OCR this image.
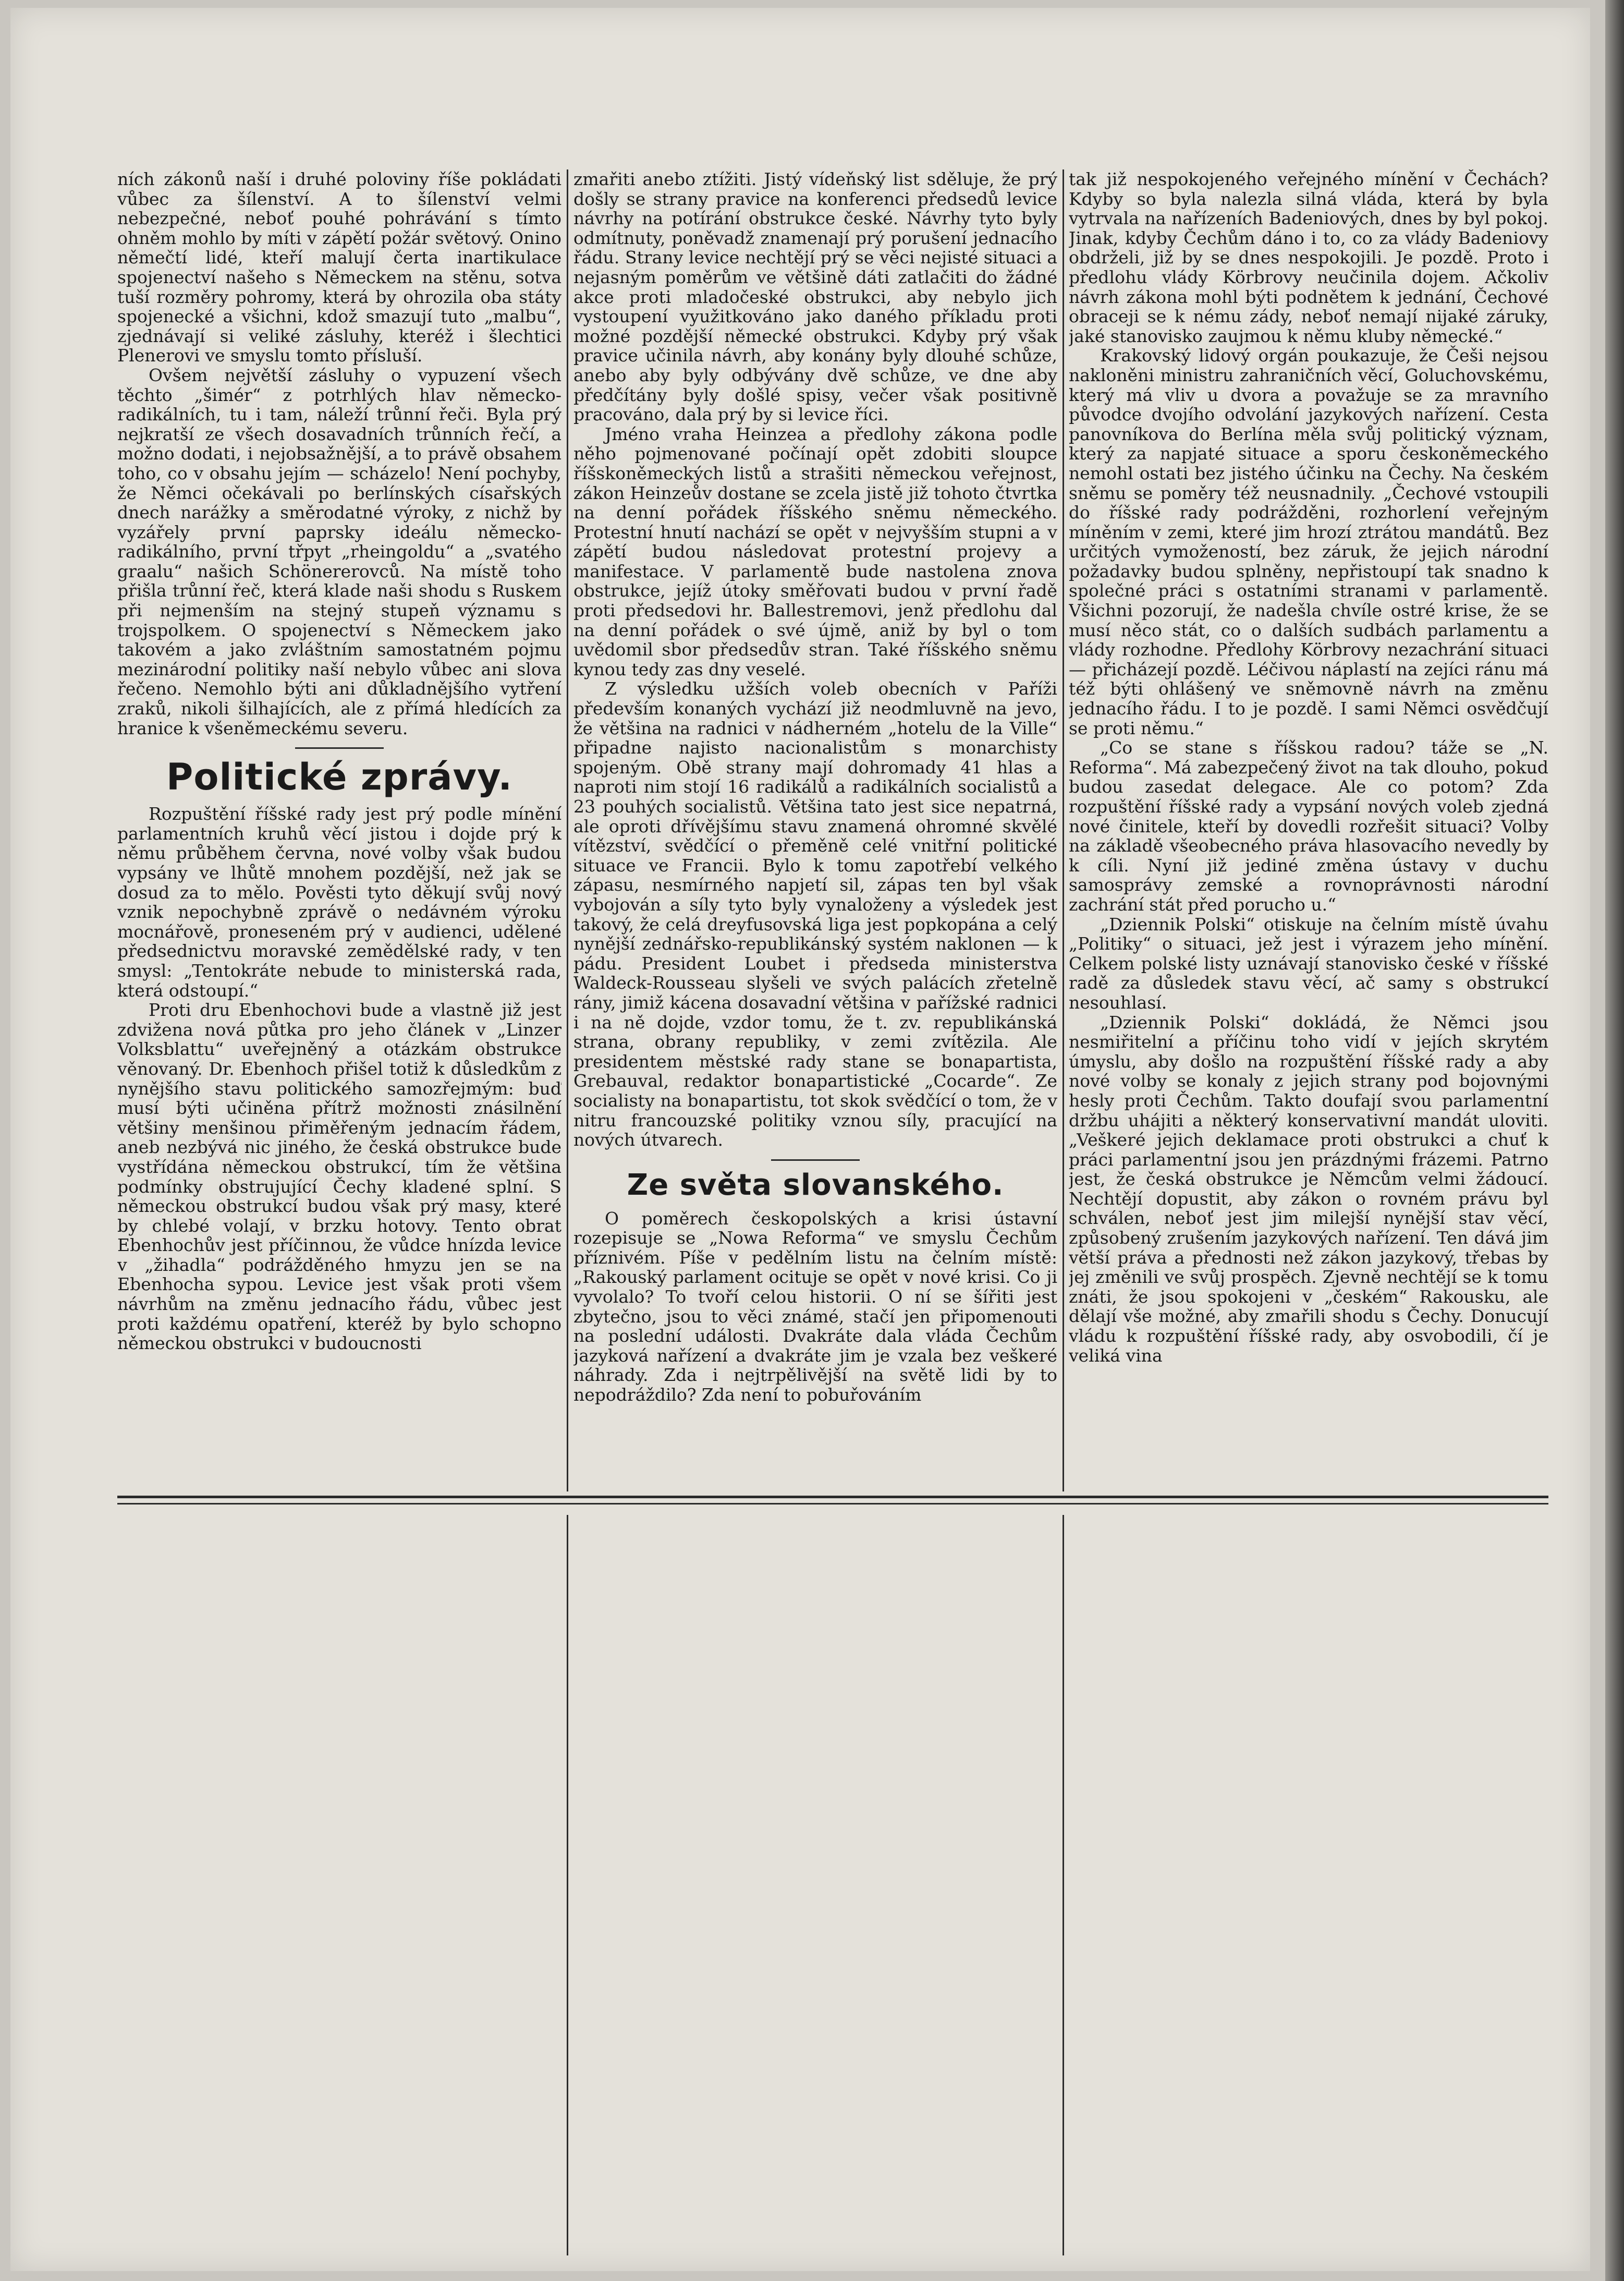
ních zákonů naší i druhé poloviny říše pokládati vůbec za šílenství. A to šílenství velmi nebezpečné, neboť pouhé pohrávání s tímto ohněm mohlo by míti v zápětí požár světový. Onino němečtí lidé, kteří malují čerta inartikulace spojenectví našeho s Německem na stěnu, sotva tuší rozměry pohromy, která by ohrozila oba státy spojenecké a všichni, kdož smazují tuto „malbu“, zjednávají si veliké zásluhy, kteréž i šlechtici Plenerovi ve smyslu tomto přísluší.

Ovšem největší zásluhy o vypuzení všech těchto „šimér“ z potrhlých hlav německo-radikálních, tu i tam, náleží trůnní řeči. Byla prý nejkratší ze všech dosavadních trůnních řečí, a možno dodati, i nejobsažnější, a to právě obsahem toho, co v obsahu jejím — scházelo! Není pochyby, že Němci očekávali po berlínských císařských dnech narážky a směrodatné výroky, z nichž by vyzářely první paprsky ideálu německo-radikálního, první třpyt „rheingoldu“ a „svatého graalu“ našich Schönererovců. Na místě toho přišla trůnní řeč, která klade naši shodu s Ruskem při nejmenším na stejný stupeň významu s trojspolkem. O spojenectví s Německem jako takovém a jako zvláštním samostatném pojmu mezinárodní politiky naší nebylo vůbec ani slova řečeno. Nemohlo býti ani důkladnějšího vytření zraků, nikoli šilhajících, ale z přímá hledících za hranice k všeněmeckému severu.

Politické zprávy.

Rozpuštění říšské rady jest prý podle mínění parlamentních kruhů věcí jistou i dojde prý k němu průběhem června, nové volby však budou vypsány ve lhůtě mnohem pozdější, než jak se dosud za to mělo. Pověsti tyto děkují svůj nový vznik nepochybně zprávě o nedávném výroku mocnářově, proneseném prý v audienci, udělené předsednictvu moravské zemědělské rady, v ten smysl: „Tentokráte nebude to ministerská rada, která odstoupí.“

Proti dru Ebenhochovi bude a vlastně již jest zdvižena nová půtka pro jeho článek v „Linzer Volksblattu“ uveřejněný a otázkám obstrukce věnovaný. Dr. Ebenhoch přišel totiž k důsledkům z nynějšího stavu politického samozřejmým: buď musí býti učiněna přítrž možnosti znásilnění většiny menšinou přiměřeným jednacím řádem, aneb nezbývá nic jiného, že česká obstrukce bude vystřídána německou obstrukcí, tím že většina podmínky obstrujující Čechy kladené splní. S německou obstrukcí budou však prý masy, které by chlebé volají, v brzku hotovy. Tento obrat Ebenhochův jest příčinnou, že vůdce hnízda levice v „žihadla“ podrážděného hmyzu jen se na Ebenhocha sypou. Levice jest však proti všem návrhům na změnu jednacího řádu, vůbec jest proti každému opatření, kteréž by bylo schopno německou obstrukci v budoucnosti

zmařiti anebo ztížiti. Jistý vídeňský list sděluje, že prý došly se strany pravice na konferenci předsedů levice návrhy na potírání obstrukce české. Návrhy tyto byly odmítnuty, poněvadž znamenají prý porušení jednacího řádu. Strany levice nechtějí prý se věci nejisté situaci a nejasným poměrům ve většině dáti zatlačiti do žádné akce proti mladočeské obstrukci, aby nebylo jich vystoupení využitkováno jako daného příkladu proti možné pozdější německé obstrukci. Kdyby prý však pravice učinila návrh, aby konány byly dlouhé schůze, anebo aby byly odbývány dvě schůze, ve dne aby předčítány byly došlé spisy, večer však positivně pracováno, dala prý by si levice říci.

Jméno vraha Heinzea a předlohy zákona podle něho pojmenované počínají opět zdobiti sloupce říšskoněmeckých listů a strašiti německou veřejnost, zákon Heinzeův dostane se zcela jistě již tohoto čtvrtka na denní pořádek říšského sněmu německého. Protestní hnutí nachází se opět v nejvyšším stupni a v zápětí budou následovat protestní projevy a manifestace. V parlamentě bude nastolena znova obstrukce, jejíž útoky směřovati budou v první řadě proti předsedovi hr. Ballestremovi, jenž předlohu dal na denní pořádek o své újmě, aniž by byl o tom uvědomil sbor předsedův stran. Také říšského sněmu kynou tedy zas dny veselé.

Z výsledku užších voleb obecních v Paříži především konaných vychází již neodmluvně na jevo, že většina na radnici v nádherném „hotelu de la Ville“ připadne najisto nacionalistům s monarchisty spojeným. Obě strany mají dohromady 41 hlas a naproti nim stojí 16 radikálů a radikálních socialistů a 23 pouhých socialistů. Většina tato jest sice nepatrná, ale oproti dřívějšímu stavu znamená ohromné skvělé vítězství, svědčící o přeměně celé vnitřní politické situace ve Francii. Bylo k tomu zapotřebí velkého zápasu, nesmírného napjetí sil, zápas ten byl však vybojován a síly tyto byly vynaloženy a výsledek jest takový, že celá dreyfusovská liga jest popkopána a celý nynější zednářsko-republikánský systém naklonen — k pádu. President Loubet i předseda ministerstva Waldeck-Rousseau slyšeli ve svých palácích zřetelně rány, jimiž kácena dosavadní většina v pařížské radnici i na ně dojde, vzdor tomu, že t. zv. republikánská strana, obrany republiky, v zemi zvítězila. Ale presidentem městské rady stane se bonapartista, Grebauval, redaktor bonapartistické „Cocarde“. Ze socialisty na bonapartistu, tot skok svědčící o tom, že v nitru francouzské politiky vznou síly, pracující na nových útvarech.

Ze světa slovanského.

O poměrech českopolských a krisi ústavní rozepisuje se „Nowa Reforma“ ve smyslu Čechům příznivém. Píše v pedělním listu na čelním místě: „Rakouský parlament ocituje se opět v nové krisi. Co ji vyvolalo? To tvoří celou historii. O ní se šířiti jest zbytečno, jsou to věci známé, stačí jen připomenouti na poslední události. Dvakráte dala vláda Čechům jazyková nařízení a dvakráte jim je vzala bez veškeré náhrady. Zda i nejtrpělivější na světě lidi by to nepodráždilo? Zda není to pobuřováním

tak již nespokojeného veřejného mínění v Čechách? Kdyby so byla nalezla silná vláda, která by byla vytrvala na nařízeních Badeniových, dnes by byl pokoj. Jinak, kdyby Čechům dáno i to, co za vlády Badeniovy obdrželi, již by se dnes nespokojili. Je pozdě. Proto i předlohu vlády Körbrovy neučinila dojem. Ačkoliv návrh zákona mohl býti podnětem k jednání, Čechové obraceji se k nému zády, neboť nemají nijaké záruky, jaké stanovisko zaujmou k němu kluby německé.“

Krakovský lidový orgán poukazuje, že Češi nejsou nakloněni ministru zahraničních věcí, Goluchovskému, který má vliv u dvora a považuje se za mravního původce dvojího odvolání jazykových nařízení. Cesta panovníkova do Berlína měla svůj politický význam, který za napjaté situace a sporu českoněmeckého nemohl ostati bez jistého účinku na Čechy. Na českém sněmu se poměry též neusnadnily. „Čechové vstoupili do říšské rady podrážděni, rozhorlení veřejným míněním v zemi, které jim hrozí ztrátou mandátů. Bez určitých vymožeností, bez záruk, že jejich národní požadavky budou splněny, nepřistoupí tak snadno k společné práci s ostatními stranami v parlamentě. Všichni pozorují, že nadešla chvíle ostré krise, že se musí něco stát, co o dalších sudbách parlamentu a vlády rozhodne. Předlohy Körbrovy nezachrání situaci — přicházejí pozdě. Léčivou náplastí na zejíci ránu má též býti ohlášený ve sněmovně návrh na změnu jednacího řádu. I to je pozdě. I sami Němci osvědčují se proti němu.“

„Co se stane s říšskou radou? táže se „N. Reforma“. Má zabezpečený život na tak dlouho, pokud budou zasedat delegace. Ale co potom? Zda rozpuštění říšské rady a vypsání nových voleb zjedná nové činitele, kteří by dovedli rozřešit situaci? Volby na základě všeobecného práva hlasovacího nevedly by k cíli. Nyní již jediné změna ústavy v duchu samosprávy zemské a rovnoprávnosti národní zachrání stát před porucho u.“

„Dziennik Polski“ otiskuje na čelním místě úvahu „Politiky“ o situaci, jež jest i výrazem jeho mínění. Celkem polské listy uznávají stanovisko české v říšské radě za důsledek stavu věcí, ač samy s obstrukcí nesouhlasí.

„Dziennik Polski“ dokládá, že Němci jsou nesmiřitelní a příčinu toho vidí v jejích skrytém úmyslu, aby došlo na rozpuštění říšské rady a aby nové volby se konaly z jejich strany pod bojovnými hesly proti Čechům. Takto doufají svou parlamentní držbu uhájiti a některý konservativní mandát uloviti. „Veškeré jejich deklamace proti obstrukci a chuť k práci parlamentní jsou jen prázdnými frázemi. Patrno jest, že česká obstrukce je Němcům velmi žádoucí. Nechtějí dopustit, aby zákon o rovném právu byl schválen, neboť jest jim milejší nynější stav věcí, způsobený zrušením jazykových nařízení. Ten dává jim větší práva a přednosti než zákon jazykový, třebas by jej změnili ve svůj prospěch. Zjevně nechtějí se k tomu znáti, že jsou spokojeni v „českém“ Rakousku, ale dělají vše možné, aby zmařili shodu s Čechy. Donucují vládu k rozpuštění říšské rady, aby osvobodili, čí je veliká vina
